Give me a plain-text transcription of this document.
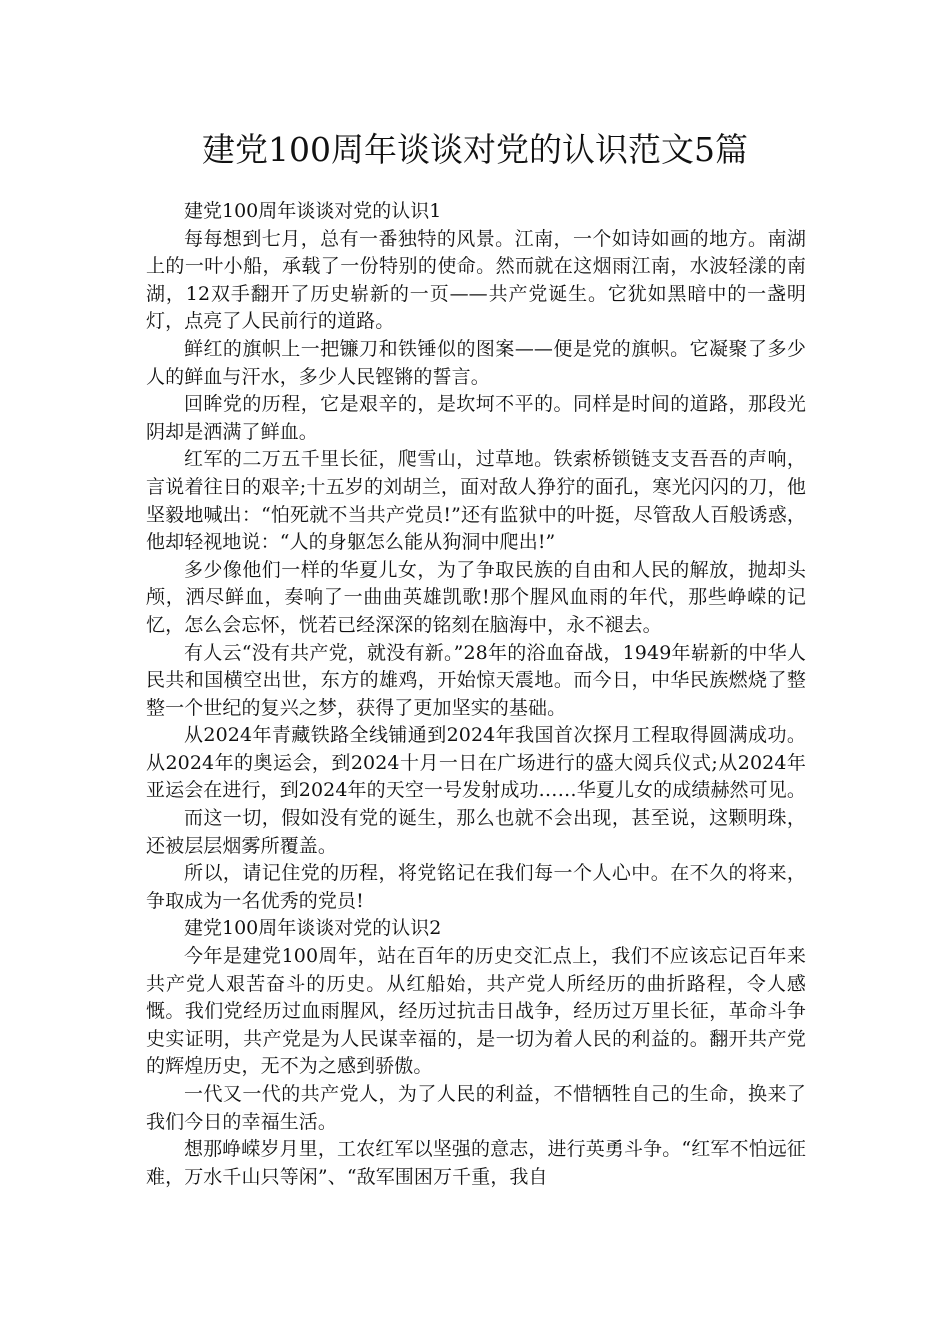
建党100周年谈谈对党的认识范文5篇

建党100周年谈谈对党的认识1

每每想到七月，总有一番独特的风景。江南，一个如诗如画的地方。南湖上的一叶小船，承载了一份特别的使命。然而就在这烟雨江南，水波轻漾的南湖，12双手翻开了历史崭新的一页——共产党诞生。它犹如黑暗中的一盏明灯，点亮了人民前行的道路。

鲜红的旗帜上一把镰刀和铁锤似的图案——便是党的旗帜。它凝聚了多少人的鲜血与汗水，多少人民铿锵的誓言。

回眸党的历程，它是艰辛的，是坎坷不平的。同样是时间的道路，那段光阴却是洒满了鲜血。

红军的二万五千里长征，爬雪山，过草地。铁索桥锁链支支吾吾的声响，言说着往日的艰辛;十五岁的刘胡兰，面对敌人狰狞的面孔，寒光闪闪的刀，他坚毅地喊出：“怕死就不当共产党员!”还有监狱中的叶挺，尽管敌人百般诱惑，他却轻视地说：“人的身躯怎么能从狗洞中爬出!”

多少像他们一样的华夏儿女，为了争取民族的自由和人民的解放，抛却头颅，洒尽鲜血，奏响了一曲曲英雄凯歌!那个腥风血雨的年代，那些峥嵘的记忆，怎么会忘怀，恍若已经深深的铭刻在脑海中，永不褪去。

有人云“没有共产党，就没有新。”28年的浴血奋战，1949年崭新的中华人民共和国横空出世，东方的雄鸡，开始惊天震地。而今日，中华民族燃烧了整整一个世纪的复兴之梦，获得了更加坚实的基础。

从2024年青藏铁路全线铺通到2024年我国首次探月工程取得圆满成功。从2024年的奥运会，到2024十月一日在广场进行的盛大阅兵仪式;从2024年亚运会在进行，到2024年的天空一号发射成功……华夏儿女的成绩赫然可见。

而这一切，假如没有党的诞生，那么也就不会出现，甚至说，这颗明珠，还被层层烟雾所覆盖。

所以，请记住党的历程，将党铭记在我们每一个人心中。在不久的将来，争取成为一名优秀的党员!

建党100周年谈谈对党的认识2

今年是建党100周年，站在百年的历史交汇点上，我们不应该忘记百年来共产党人艰苦奋斗的历史。从红船始，共产党人所经历的曲折路程，令人感慨。我们党经历过血雨腥风，经历过抗击日战争，经历过万里长征，革命斗争史实证明，共产党是为人民谋幸福的，是一切为着人民的利益的。翻开共产党的辉煌历史，无不为之感到骄傲。

一代又一代的共产党人，为了人民的利益，不惜牺牲自己的生命，换来了我们今日的幸福生活。

想那峥嵘岁月里，工农红军以坚强的意志，进行英勇斗争。“红军不怕远征难，万水千山只等闲”、“敌军围困万千重，我自
